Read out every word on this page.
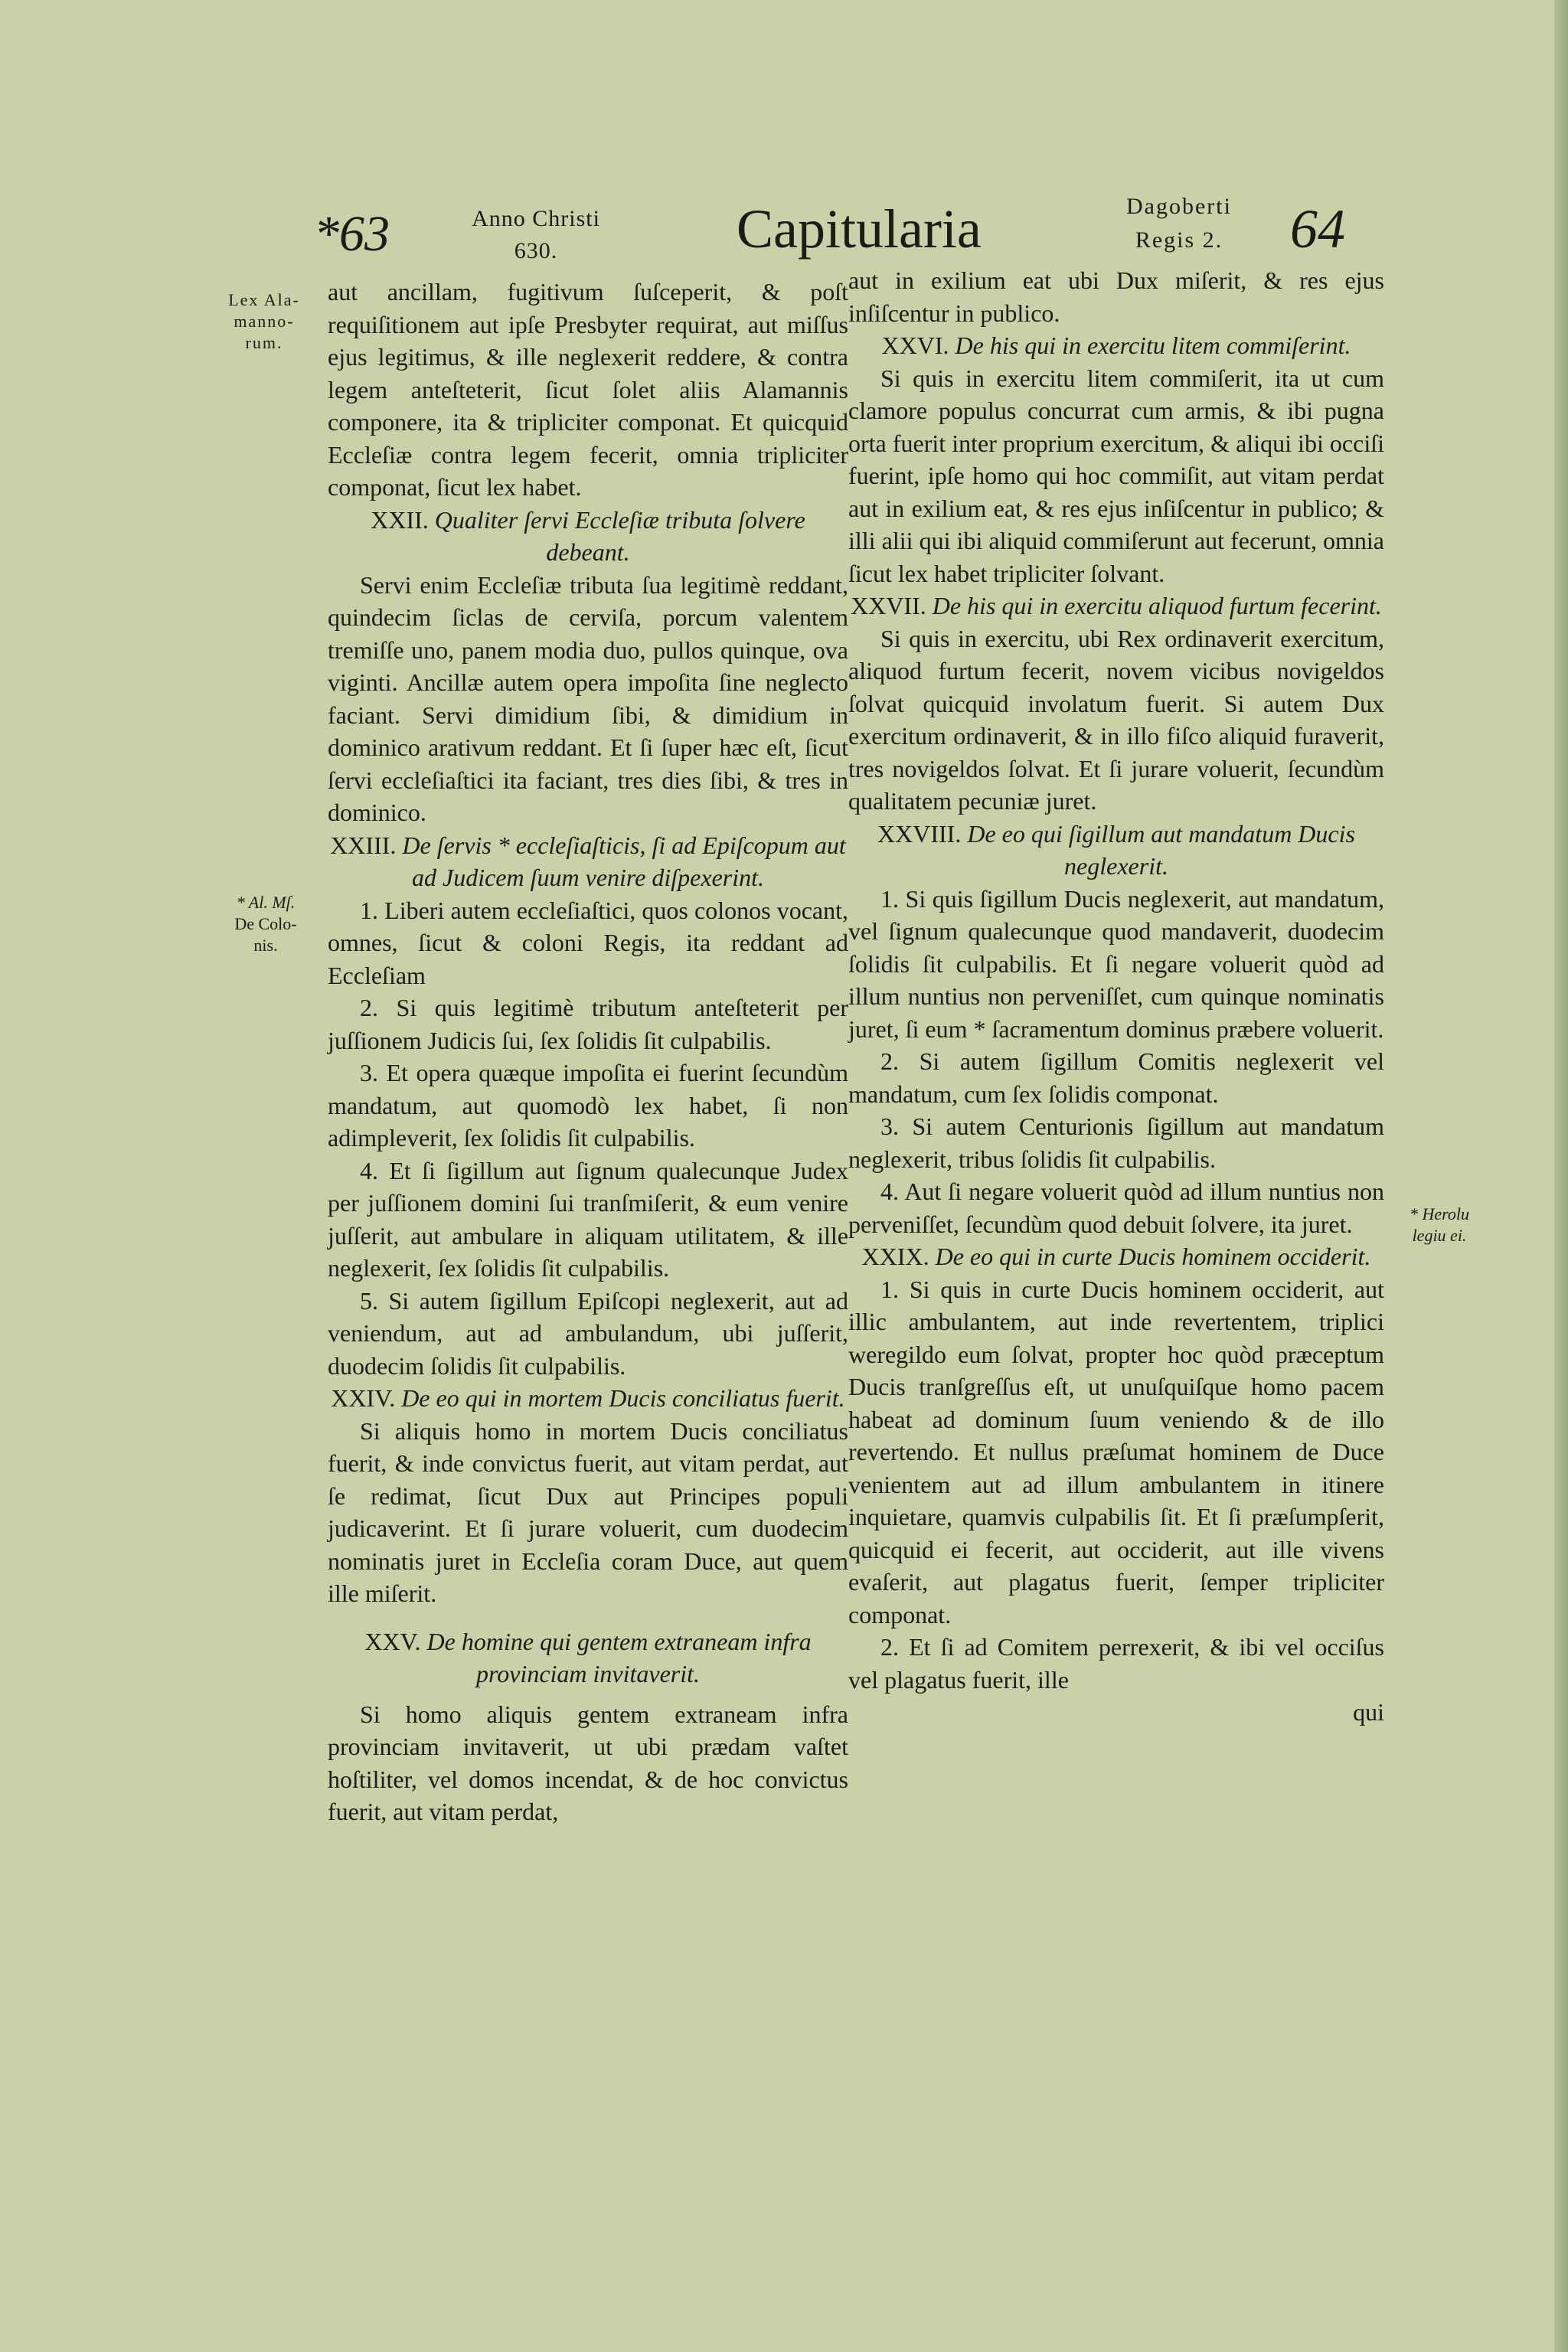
*63	Anno Christi
630.	Capitularia	Dagoberti
Regis 2.	64
Lex Ala-
manno-
rum.
* Al. Mſ.
De Colo-
nis.
* Herolu
legiu ei.

aut ancillam, fugitivum ſuſceperit, & poſt requiſitionem aut ipſe Presbyter requirat, aut miſſus ejus legitimus, & ille neglexerit reddere, & contra legem anteſteterit, ſicut ſolet aliis Alamannis componere, ita & tripliciter componat. Et quicquid Eccleſiæ contra legem fecerit, omnia tripliciter componat, ſicut lex habet.

XXII. Qualiter ſervi Eccleſiæ tributa ſolvere debeant.

Servi enim Eccleſiæ tributa ſua legitimè reddant, quindecim ſiclas de cerviſa, porcum valentem tremiſſe uno, panem modia duo, pullos quinque, ova viginti. Ancillæ autem opera impoſita ſine neglecto faciant. Servi dimidium ſibi, & dimidium in dominico arativum reddant. Et ſi ſuper hæc eſt, ſicut ſervi eccleſiaſtici ita faciant, tres dies ſibi, & tres in dominico.

XXIII. De ſervis * eccleſiaſticis, ſi ad Epiſcopum aut ad Judicem ſuum venire diſpexerint.

1. Liberi autem eccleſiaſtici, quos colonos vocant, omnes, ſicut & coloni Regis, ita reddant ad Eccleſiam

2. Si quis legitimè tributum anteſteterit per juſſionem Judicis ſui, ſex ſolidis ſit culpabilis.

3. Et opera quæque impoſita ei fuerint ſecundùm mandatum, aut quomodò lex habet, ſi non adimpleverit, ſex ſolidis ſit culpabilis.

4. Et ſi ſigillum aut ſignum qualecunque Judex per juſſionem domini ſui tranſmiſerit, & eum venire juſſerit, aut ambulare in aliquam utilitatem, & ille neglexerit, ſex ſolidis ſit culpabilis.

5. Si autem ſigillum Epiſcopi neglexerit, aut ad veniendum, aut ad ambulandum, ubi juſſerit, duodecim ſolidis ſit culpabilis.

XXIV. De eo qui in mortem Ducis conciliatus fuerit.

Si aliquis homo in mortem Ducis conciliatus fuerit, & inde convictus fuerit, aut vitam perdat, aut ſe redimat, ſicut Dux aut Principes populi judicaverint. Et ſi jurare voluerit, cum duodecim nominatis juret in Eccleſia coram Duce, aut quem ille miſerit.

XXV. De homine qui gentem extraneam infra provinciam invitaverit.

Si homo aliquis gentem extraneam infra provinciam invitaverit, ut ubi prædam vaſtet hoſtiliter, vel domos incendat, & de hoc convictus fuerit, aut vitam perdat,

aut in exilium eat ubi Dux miſerit, & res ejus inſiſcentur in publico.

XXVI. De his qui in exercitu litem commiſerint.

Si quis in exercitu litem commiſerit, ita ut cum clamore populus concurrat cum armis, & ibi pugna orta fuerit inter proprium exercitum, & aliqui ibi occiſi fuerint, ipſe homo qui hoc commiſit, aut vitam perdat aut in exilium eat, & res ejus inſiſcentur in publico; & illi alii qui ibi aliquid commiſerunt aut fecerunt, omnia ſicut lex habet tripliciter ſolvant.

XXVII. De his qui in exercitu aliquod furtum fecerint.

Si quis in exercitu, ubi Rex ordinaverit exercitum, aliquod furtum fecerit, novem vicibus novigeldos ſolvat quicquid involatum fuerit. Si autem Dux exercitum ordinaverit, & in illo fiſco aliquid furaverit, tres novigeldos ſolvat. Et ſi jurare voluerit, ſecundùm qualitatem pecuniæ juret.

XXVIII. De eo qui ſigillum aut mandatum Ducis neglexerit.

1. Si quis ſigillum Ducis neglexerit, aut mandatum, vel ſignum qualecunque quod mandaverit, duodecim ſolidis ſit culpabilis. Et ſi negare voluerit quòd ad illum nuntius non perveniſſet, cum quinque nominatis juret, ſi eum * ſacramentum dominus præbere voluerit.

2. Si autem ſigillum Comitis neglexerit vel mandatum, cum ſex ſolidis componat.

3. Si autem Centurionis ſigillum aut mandatum neglexerit, tribus ſolidis ſit culpabilis.

4. Aut ſi negare voluerit quòd ad illum nuntius non perveniſſet, ſecundùm quod debuit ſolvere, ita juret.

XXIX. De eo qui in curte Ducis hominem occiderit.

1. Si quis in curte Ducis hominem occiderit, aut illic ambulantem, aut inde revertentem, triplici weregildo eum ſolvat, propter hoc quòd præceptum Ducis tranſgreſſus eſt, ut unuſquiſque homo pacem habeat ad dominum ſuum veniendo & de illo revertendo. Et nullus præſumat hominem de Duce venientem aut ad illum ambulantem in itinere inquietare, quamvis culpabilis ſit. Et ſi præſumpſerit, quicquid ei fecerit, aut occiderit, aut ille vivens evaſerit, aut plagatus fuerit, ſemper tripliciter componat.

2. Et ſi ad Comitem perrexerit, & ibi vel occiſus vel plagatus fuerit, ille

qui
